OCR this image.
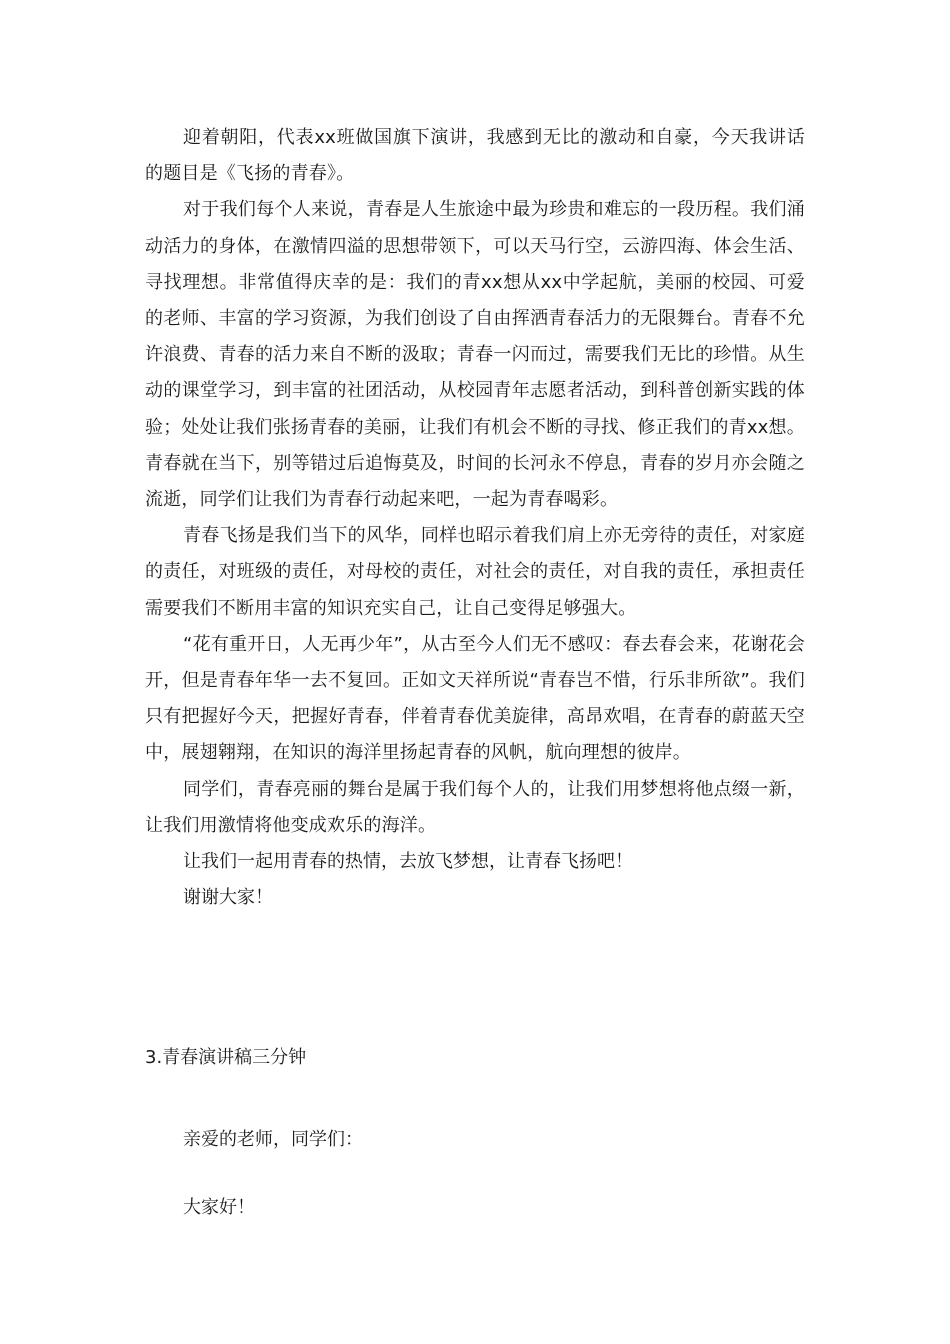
迎着朝阳，代表xx班做国旗下演讲，我感到无比的激动和自豪，今天我讲话的题目是《飞扬的青春》。

对于我们每个人来说，青春是人生旅途中最为珍贵和难忘的一段历程。我们涌动活力的身体，在激情四溢的思想带领下，可以天马行空，云游四海、体会生活、寻找理想。非常值得庆幸的是：我们的青xx想从xx中学起航，美丽的校园、可爱的老师、丰富的学习资源，为我们创设了自由挥洒青春活力的无限舞台。青春不允许浪费、青春的活力来自不断的汲取；青春一闪而过，需要我们无比的珍惜。从生动的课堂学习，到丰富的社团活动，从校园青年志愿者活动，到科普创新实践的体验；处处让我们张扬青春的美丽，让我们有机会不断的寻找、修正我们的青xx想。青春就在当下，别等错过后追悔莫及，时间的长河永不停息，青春的岁月亦会随之流逝，同学们让我们为青春行动起来吧，一起为青春喝彩。

青春飞扬是我们当下的风华，同样也昭示着我们肩上亦无旁待的责任，对家庭的责任，对班级的责任，对母校的责任，对社会的责任，对自我的责任，承担责任需要我们不断用丰富的知识充实自己，让自己变得足够强大。

“花有重开日，人无再少年”，从古至今人们无不感叹：春去春会来，花谢花会开，但是青春年华一去不复回。正如文天祥所说“青春岂不惜，行乐非所欲”。我们只有把握好今天，把握好青春，伴着青春优美旋律，高昂欢唱，在青春的蔚蓝天空中，展翅翱翔，在知识的海洋里扬起青春的风帆，航向理想的彼岸。

同学们，青春亮丽的舞台是属于我们每个人的，让我们用梦想将他点缀一新，让我们用激情将他变成欢乐的海洋。

让我们一起用青春的热情，去放飞梦想，让青春飞扬吧！

谢谢大家！

3.青春演讲稿三分钟

亲爱的老师，同学们：

大家好！
